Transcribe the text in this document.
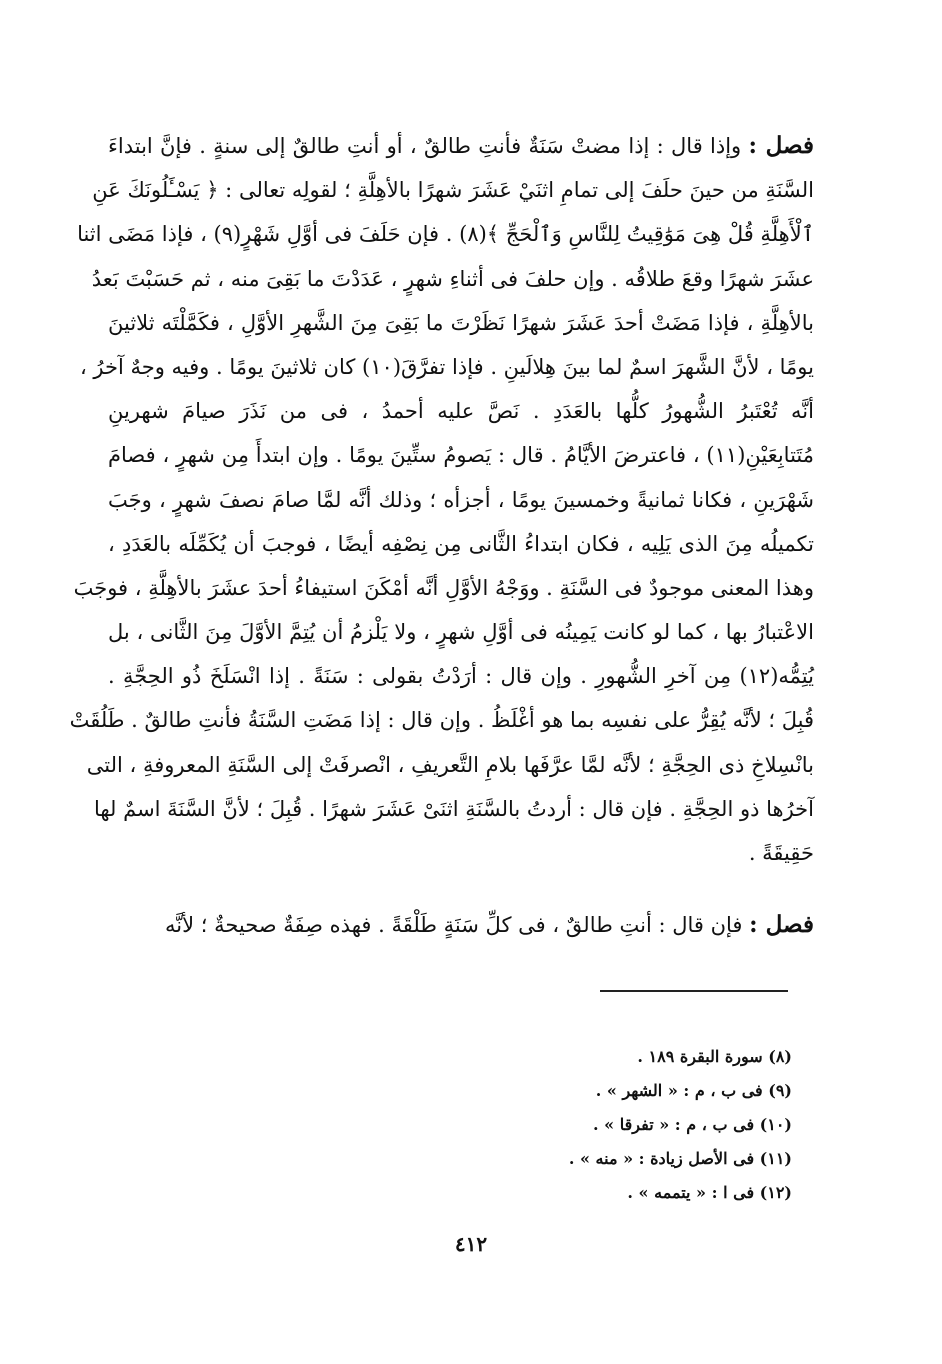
فصل : وإذا قال : إذا مضتْ سَنَةٌ فأنتِ طالقٌ ، أو أنتِ طالقٌ إلى سنةٍ . فإنَّ ابتداءَ
السَّنَةِ من حينَ حلَفَ إلى تمامِ اثنَيْ عَشَرَ شهرًا بالأهِلَّةِ ؛ لقولِه تعالى : ﴿ يَسْـَٔلُونَكَ عَنِ
ٱلْأَهِلَّةِ قُلْ هِىَ مَوَٰقِيتُ لِلنَّاسِ وَٱلْحَجِّ ﴾(٨) . فإن حَلَفَ فى أوَّلِ شَهْرٍ(٩) ، فإذا مَضَى اثنا
عشَرَ شهرًا وقعَ طلاقُه . وإن حلفَ فى أثناءِ شهرٍ ، عَدَدْتَ ما بَقِىَ منه ، ثم حَسَبْتَ بَعدُ
بالأهِلَّةِ ، فإذا مَضَتْ أحدَ عَشَرَ شهرًا نَظَرْتَ ما بَقِىَ مِنَ الشَّهرِ الأوَّلِ ، فكَمَّلْتَه ثلاثينَ
يومًا ، لأنَّ الشَّهرَ اسمٌ لما بينَ هِلالَينِ . فإذا تفرَّقَ(١٠) كان ثلاثينَ يومًا . وفيه وجهٌ آخرُ ،
أنَّه تُعْتَبرُ الشُّهورُ كلُّها بالعَدَدِ . نَصَّ عليه أحمدُ ، فى من نَذَرَ صيامَ شهرينِ
مُتَتابِعَيْنِ(١١) ، فاعترضَ الأيَّامُ . قال : يَصومُ ستِّينَ يومًا . وإن ابتدأَ مِن شهرٍ ، فصامَ
شَهْرَينِ ، فكانا ثمانيةً وخمسينَ يومًا ، أجزأه ؛ وذلك أنَّه لمَّا صامَ نصفَ شهرٍ ، وجَبَ
تكميلُه مِنَ الذى يَلِيه ، فكان ابتداءُ الثَّانى مِن نِصْفِه أيضًا ، فوجبَ أن يُكَمِّلَه بالعَدَدِ ،
وهذا المعنى موجودٌ فى السَّنَةِ . ووَجْهُ الأوَّلِ أنَّه أمْكَنَ استيفاءُ أحدَ عشَرَ بالأهِلَّةِ ، فوجَبَ
الاعْتبارُ بها ، كما لو كانت يَمِينُه فى أوَّلِ شهرٍ ، ولا يَلْزمُ أن يُتِمَّ الأوَّلَ مِنَ الثَّانى ، بل
يُتِمُّه(١٢) مِن آخرِ الشُّهورِ . وإن قال : أرَدْتُ بقولى : سَنَةً . إذا انْسَلَخَ ذُو الحِجَّةِ .
قُبِلَ ؛ لأنَّه يُقِرُّ على نفسِه بما هو أغْلَظُ . وإن قال : إذا مَضَتِ السَّنَةُ فأنتِ طالقٌ . طَلُقَتْ
بانْسِلاخِ ذى الحِجَّةِ ؛ لأنَّه لمَّا عرَّفَها بلامِ التَّعريفِ ، انْصرفَتْ إلى السَّنَةِ المعروفةِ ، التى
آخرُها ذو الحِجَّةِ . فإن قال : أردتُ بالسَّنَةِ اثنَىْ عَشَرَ شهرًا . قُبِلَ ؛ لأنَّ السَّنَةَ اسمٌ لها
حَقِيقَةً .
فصل : فإن قال : أنتِ طالقٌ ، فى كلِّ سَنَةٍ طَلْقَةً . فهذه صِفَةٌ صحيحةٌ ؛ لأنَّه
(٨) سورة البقرة ١٨٩ .
(٩) فى ب ، م : « الشهر » .
(١٠) فى ب ، م : « تفرقا » .
(١١) فى الأصل زيادة : « منه » .
(١٢) فى ا : « يتممه » .
٤١٢
